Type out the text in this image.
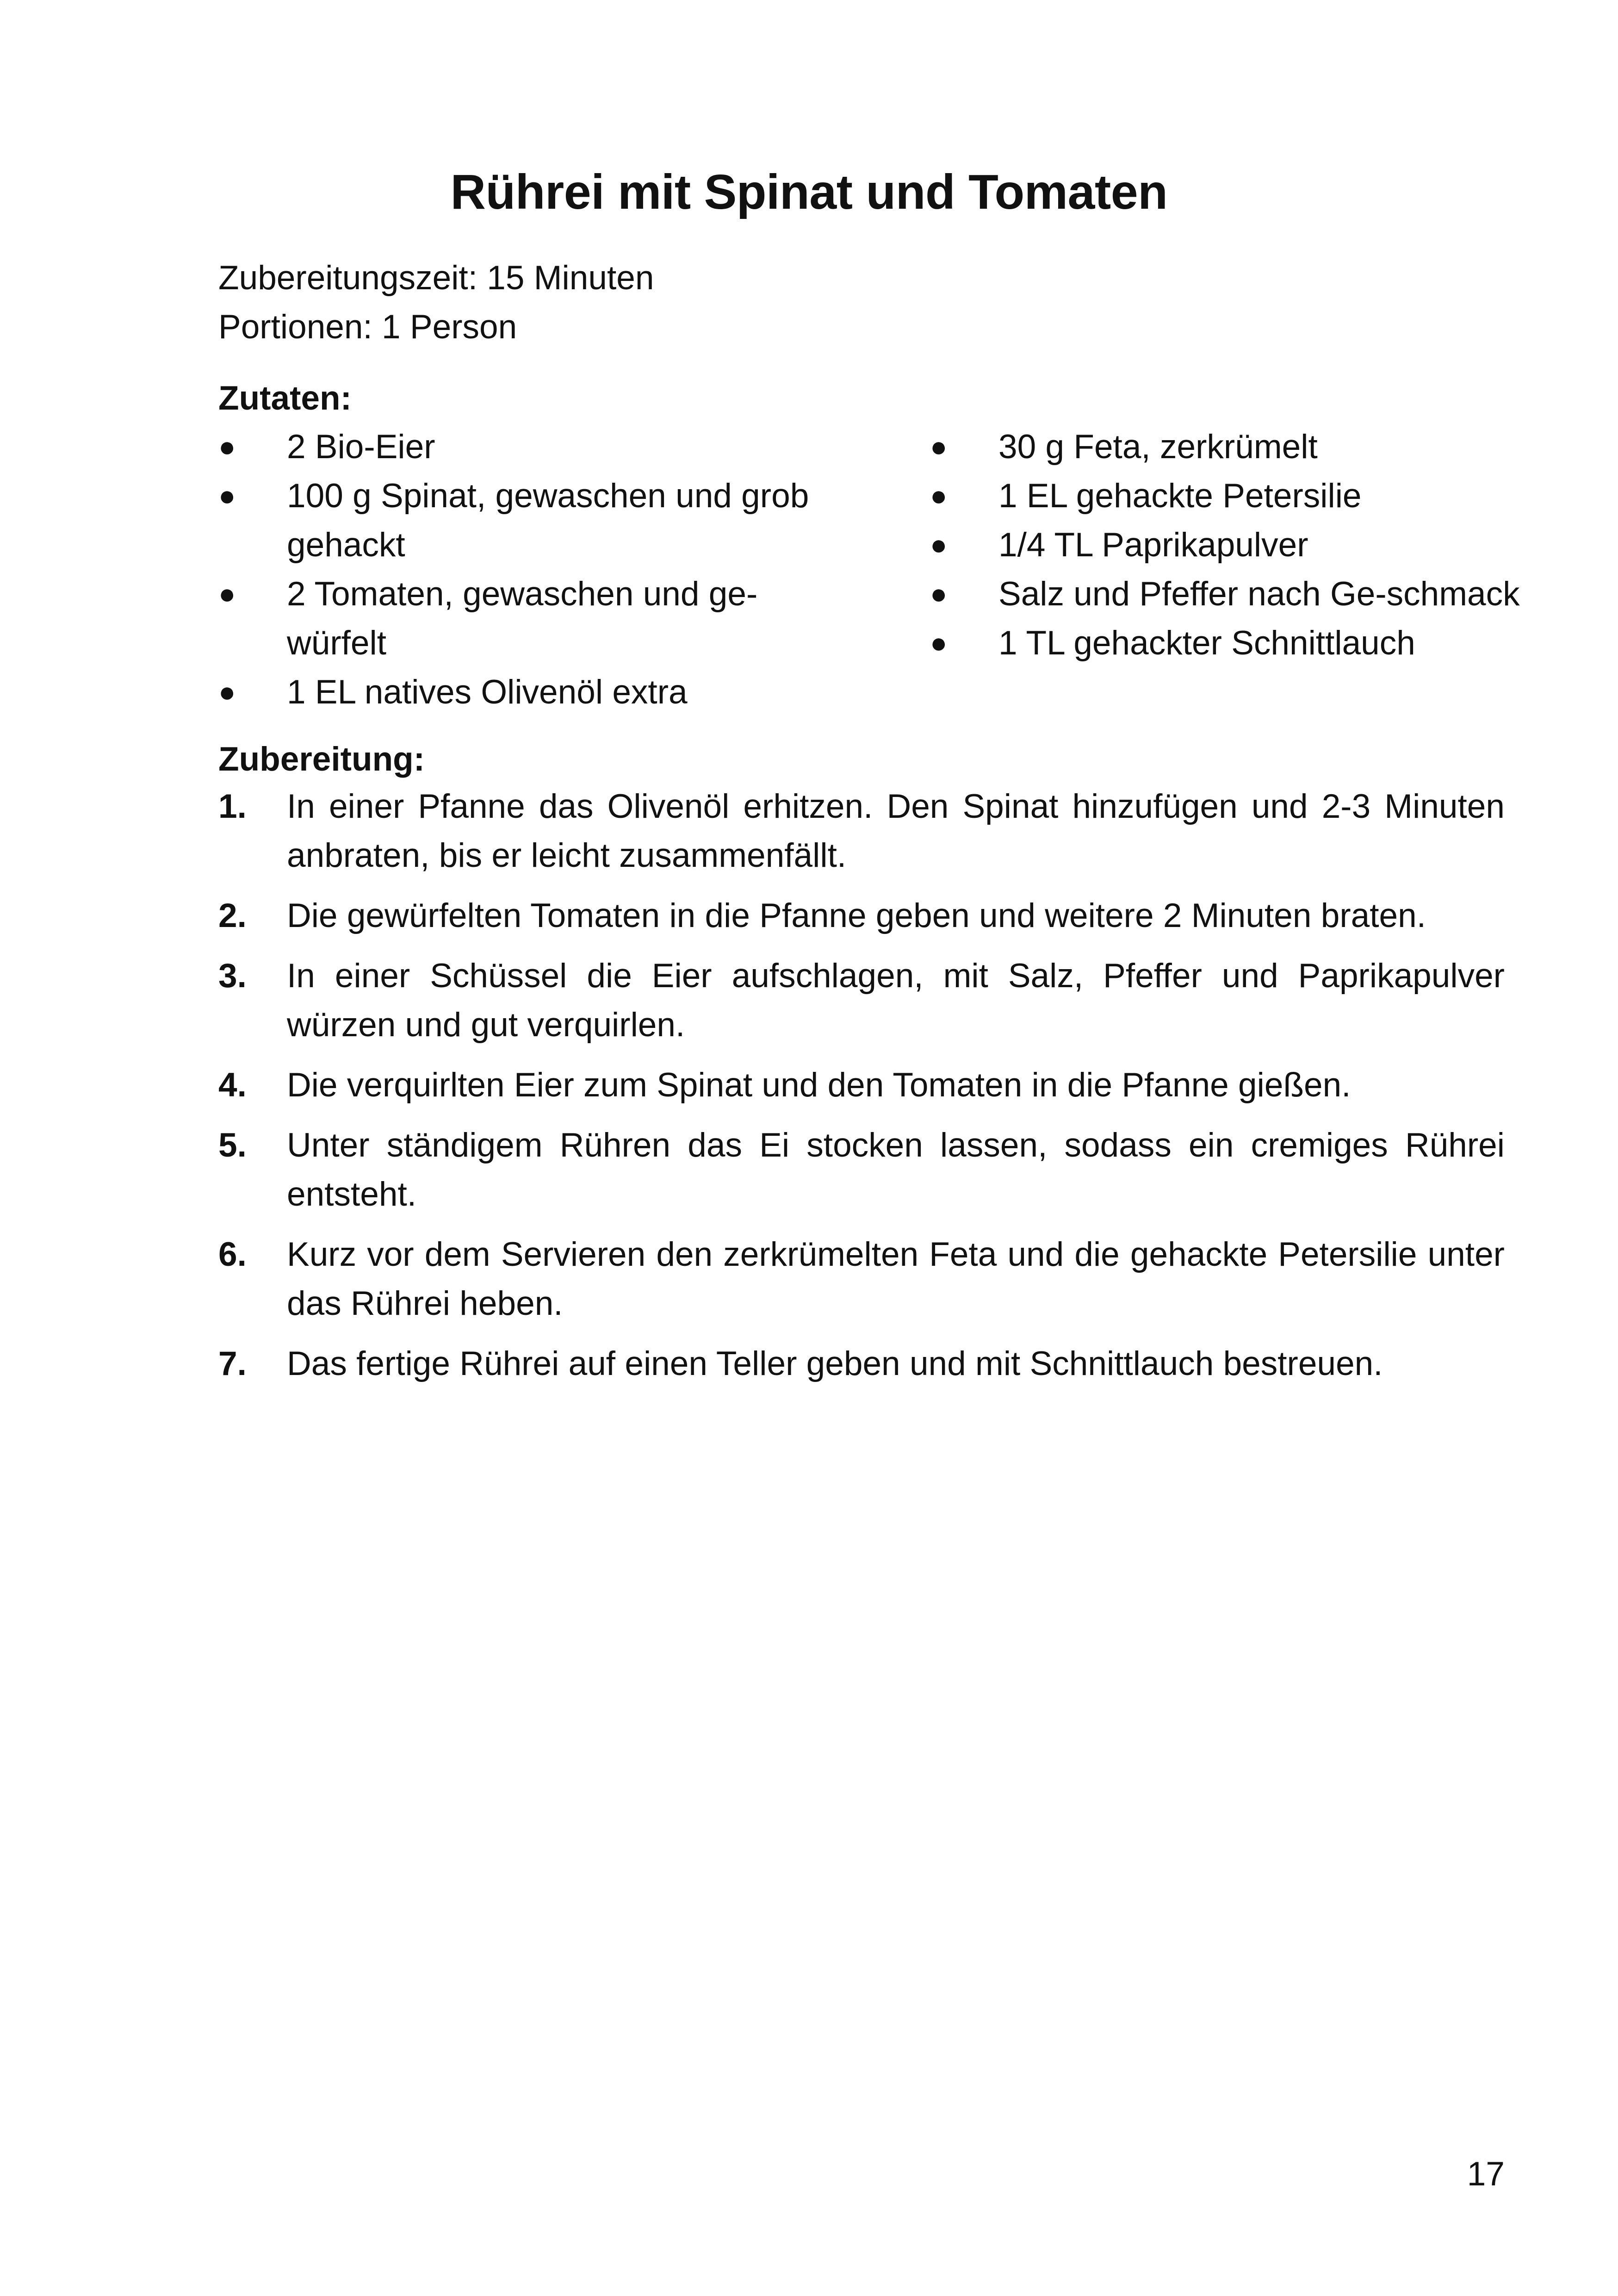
Rührei mit Spinat und Tomaten
Zubereitungszeit: 15 Minuten
Portionen: 1 Person
Zutaten:
●	2 Bio-Eier
●	100 g Spinat, gewaschen und grob gehackt
●	2 Tomaten, gewaschen und ge-würfelt
●	1 EL natives Olivenöl extra
●	30 g Feta, zerkrümelt
●	1 EL gehackte Petersilie
●	1/4 TL Paprikapulver
●	Salz und Pfeffer nach Ge-schmack
●	1 TL gehackter Schnittlauch
Zubereitung:
1. In einer Pfanne das Olivenöl erhitzen. Den Spinat hinzufügen und 2-3 Minuten anbraten, bis er leicht zusammenfällt.
2. Die gewürfelten Tomaten in die Pfanne geben und weitere 2 Minuten braten.
3. In einer Schüssel die Eier aufschlagen, mit Salz, Pfeffer und Paprikapulver würzen und gut verquirlen.
4. Die verquirlten Eier zum Spinat und den Tomaten in die Pfanne gießen.
5. Unter ständigem Rühren das Ei stocken lassen, sodass ein cremiges Rührei entsteht.
6. Kurz vor dem Servieren den zerkrümelten Feta und die gehackte Petersilie unter das Rührei heben.
7. Das fertige Rührei auf einen Teller geben und mit Schnittlauch bestreuen.
17
